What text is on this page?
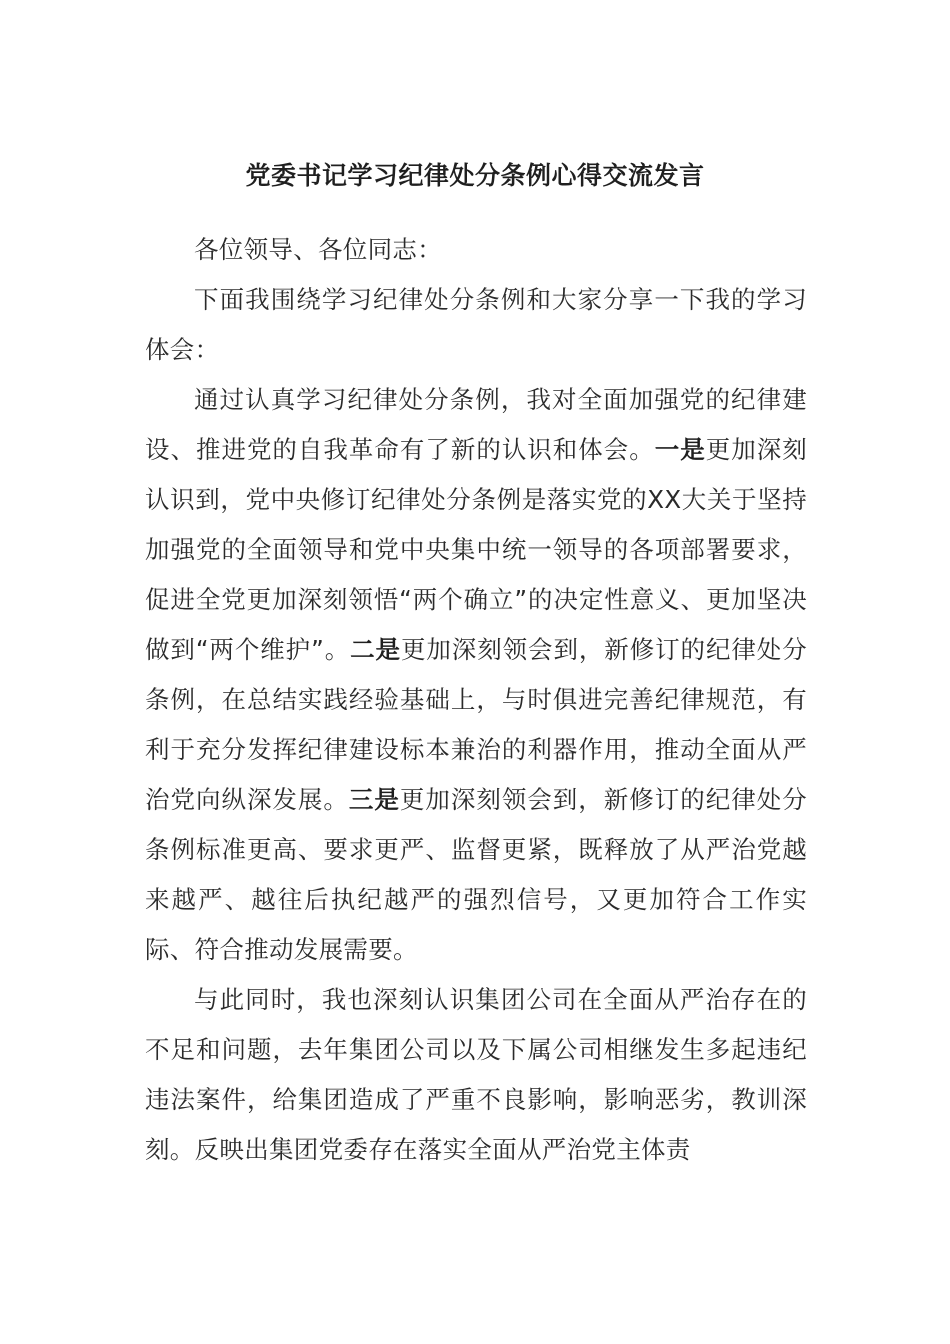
党委书记学习纪律处分条例心得交流发言

各位领导、各位同志：

下面我围绕学习纪律处分条例和大家分享一下我的学习体会：

通过认真学习纪律处分条例，我对全面加强党的纪律建设、推进党的自我革命有了新的认识和体会。一是更加深刻认识到，党中央修订纪律处分条例是落实党的XX大关于坚持加强党的全面领导和党中央集中统一领导的各项部署要求，促进全党更加深刻领悟“两个确立”的决定性意义、更加坚决做到“两个维护”。二是更加深刻领会到，新修订的纪律处分条例，在总结实践经验基础上，与时俱进完善纪律规范，有利于充分发挥纪律建设标本兼治的利器作用，推动全面从严治党向纵深发展。三是更加深刻领会到，新修订的纪律处分条例标准更高、要求更严、监督更紧，既释放了从严治党越来越严、越往后执纪越严的强烈信号，又更加符合工作实际、符合推动发展需要。

与此同时，我也深刻认识集团公司在全面从严治存在的不足和问题，去年集团公司以及下属公司相继发生多起违纪违法案件，给集团造成了严重不良影响，影响恶劣，教训深刻。反映出集团党委存在落实全面从严治党主体责
